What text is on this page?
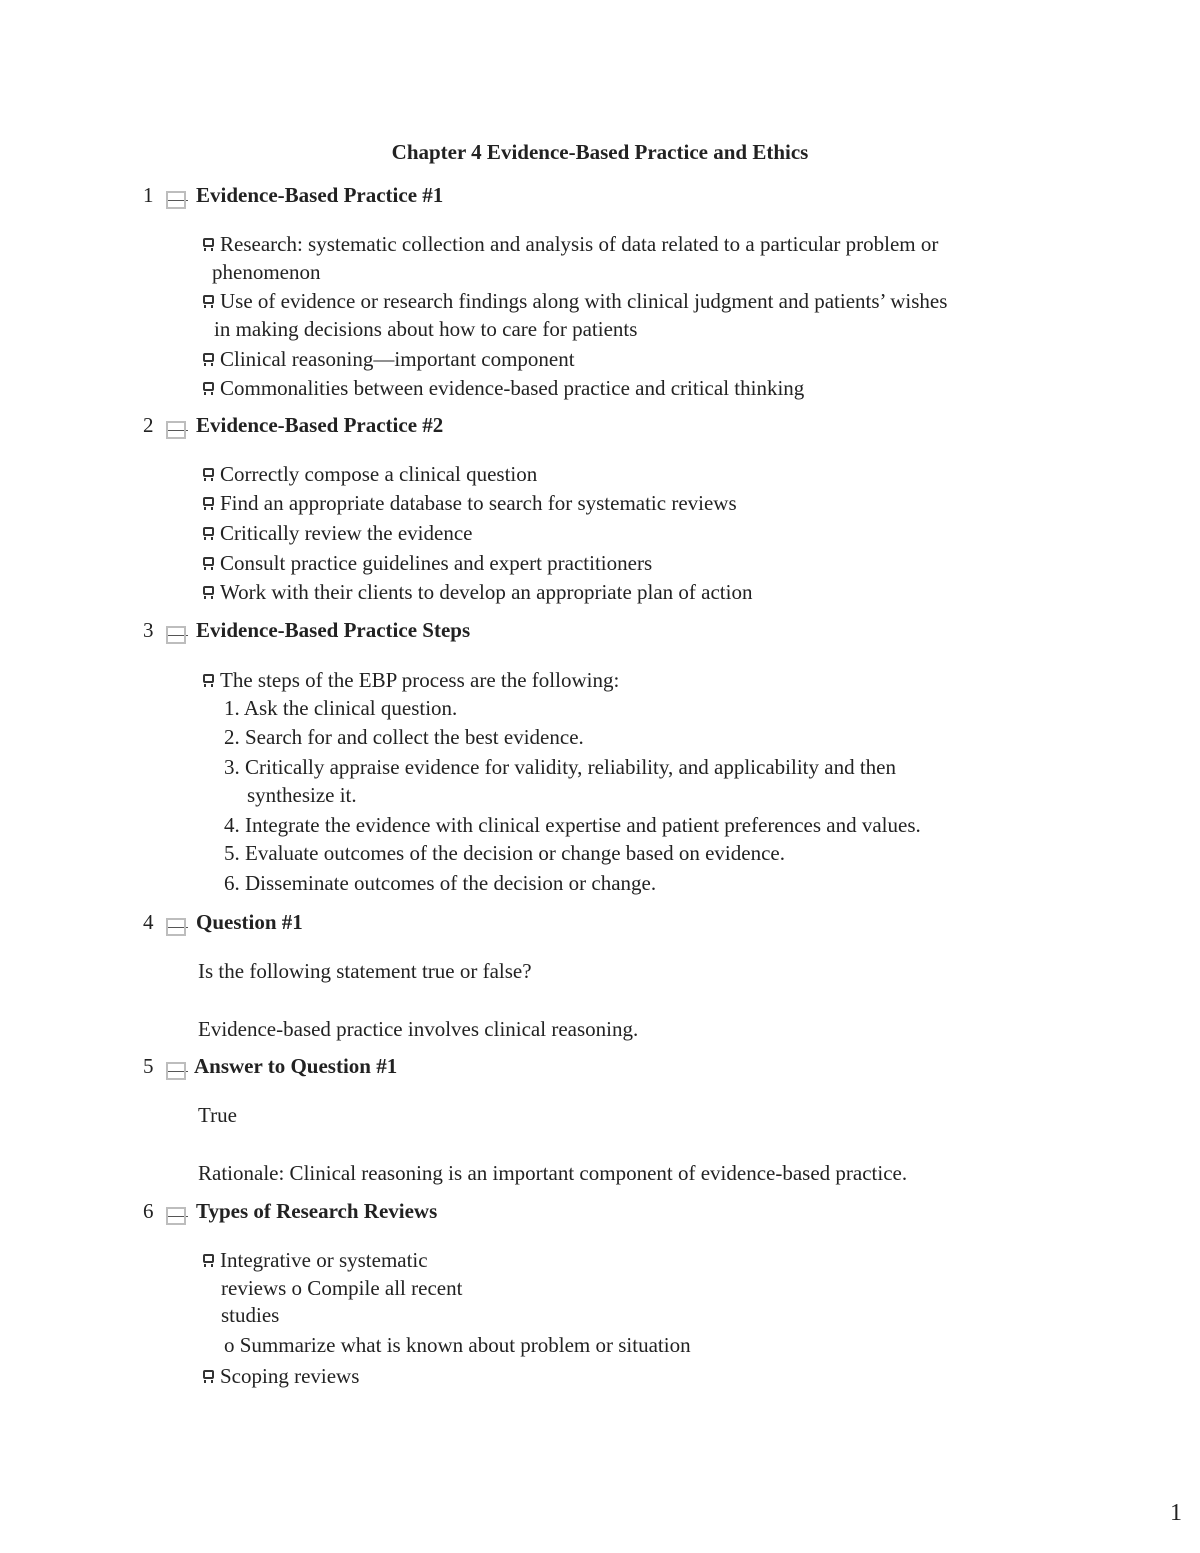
Chapter 4 Evidence-Based Practice and Ethics
1 Evidence-Based Practice #1
Research: systematic collection and analysis of data related to a particular problem or
phenomenon
Use of evidence or research findings along with clinical judgment and patients’ wishes
in making decisions about how to care for patients
Clinical reasoning—important component
Commonalities between evidence-based practice and critical thinking
2 Evidence-Based Practice #2
Correctly compose a clinical question
Find an appropriate database to search for systematic reviews
Critically review the evidence
Consult practice guidelines and expert practitioners
Work with their clients to develop an appropriate plan of action
3 Evidence-Based Practice Steps
The steps of the EBP process are the following:
1. Ask the clinical question.
2. Search for and collect the best evidence.
3. Critically appraise evidence for validity, reliability, and applicability and then
synthesize it.
4. Integrate the evidence with clinical expertise and patient preferences and values.
5. Evaluate outcomes of the decision or change based on evidence.
6. Disseminate outcomes of the decision or change.
4 Question #1
Is the following statement true or false?
Evidence-based practice involves clinical reasoning.
5 Answer to Question #1
True
Rationale: Clinical reasoning is an important component of evidence-based practice.
6 Types of Research Reviews
Integrative or systematic
reviews o Compile all recent
studies
o Summarize what is known about problem or situation
Scoping reviews
1
